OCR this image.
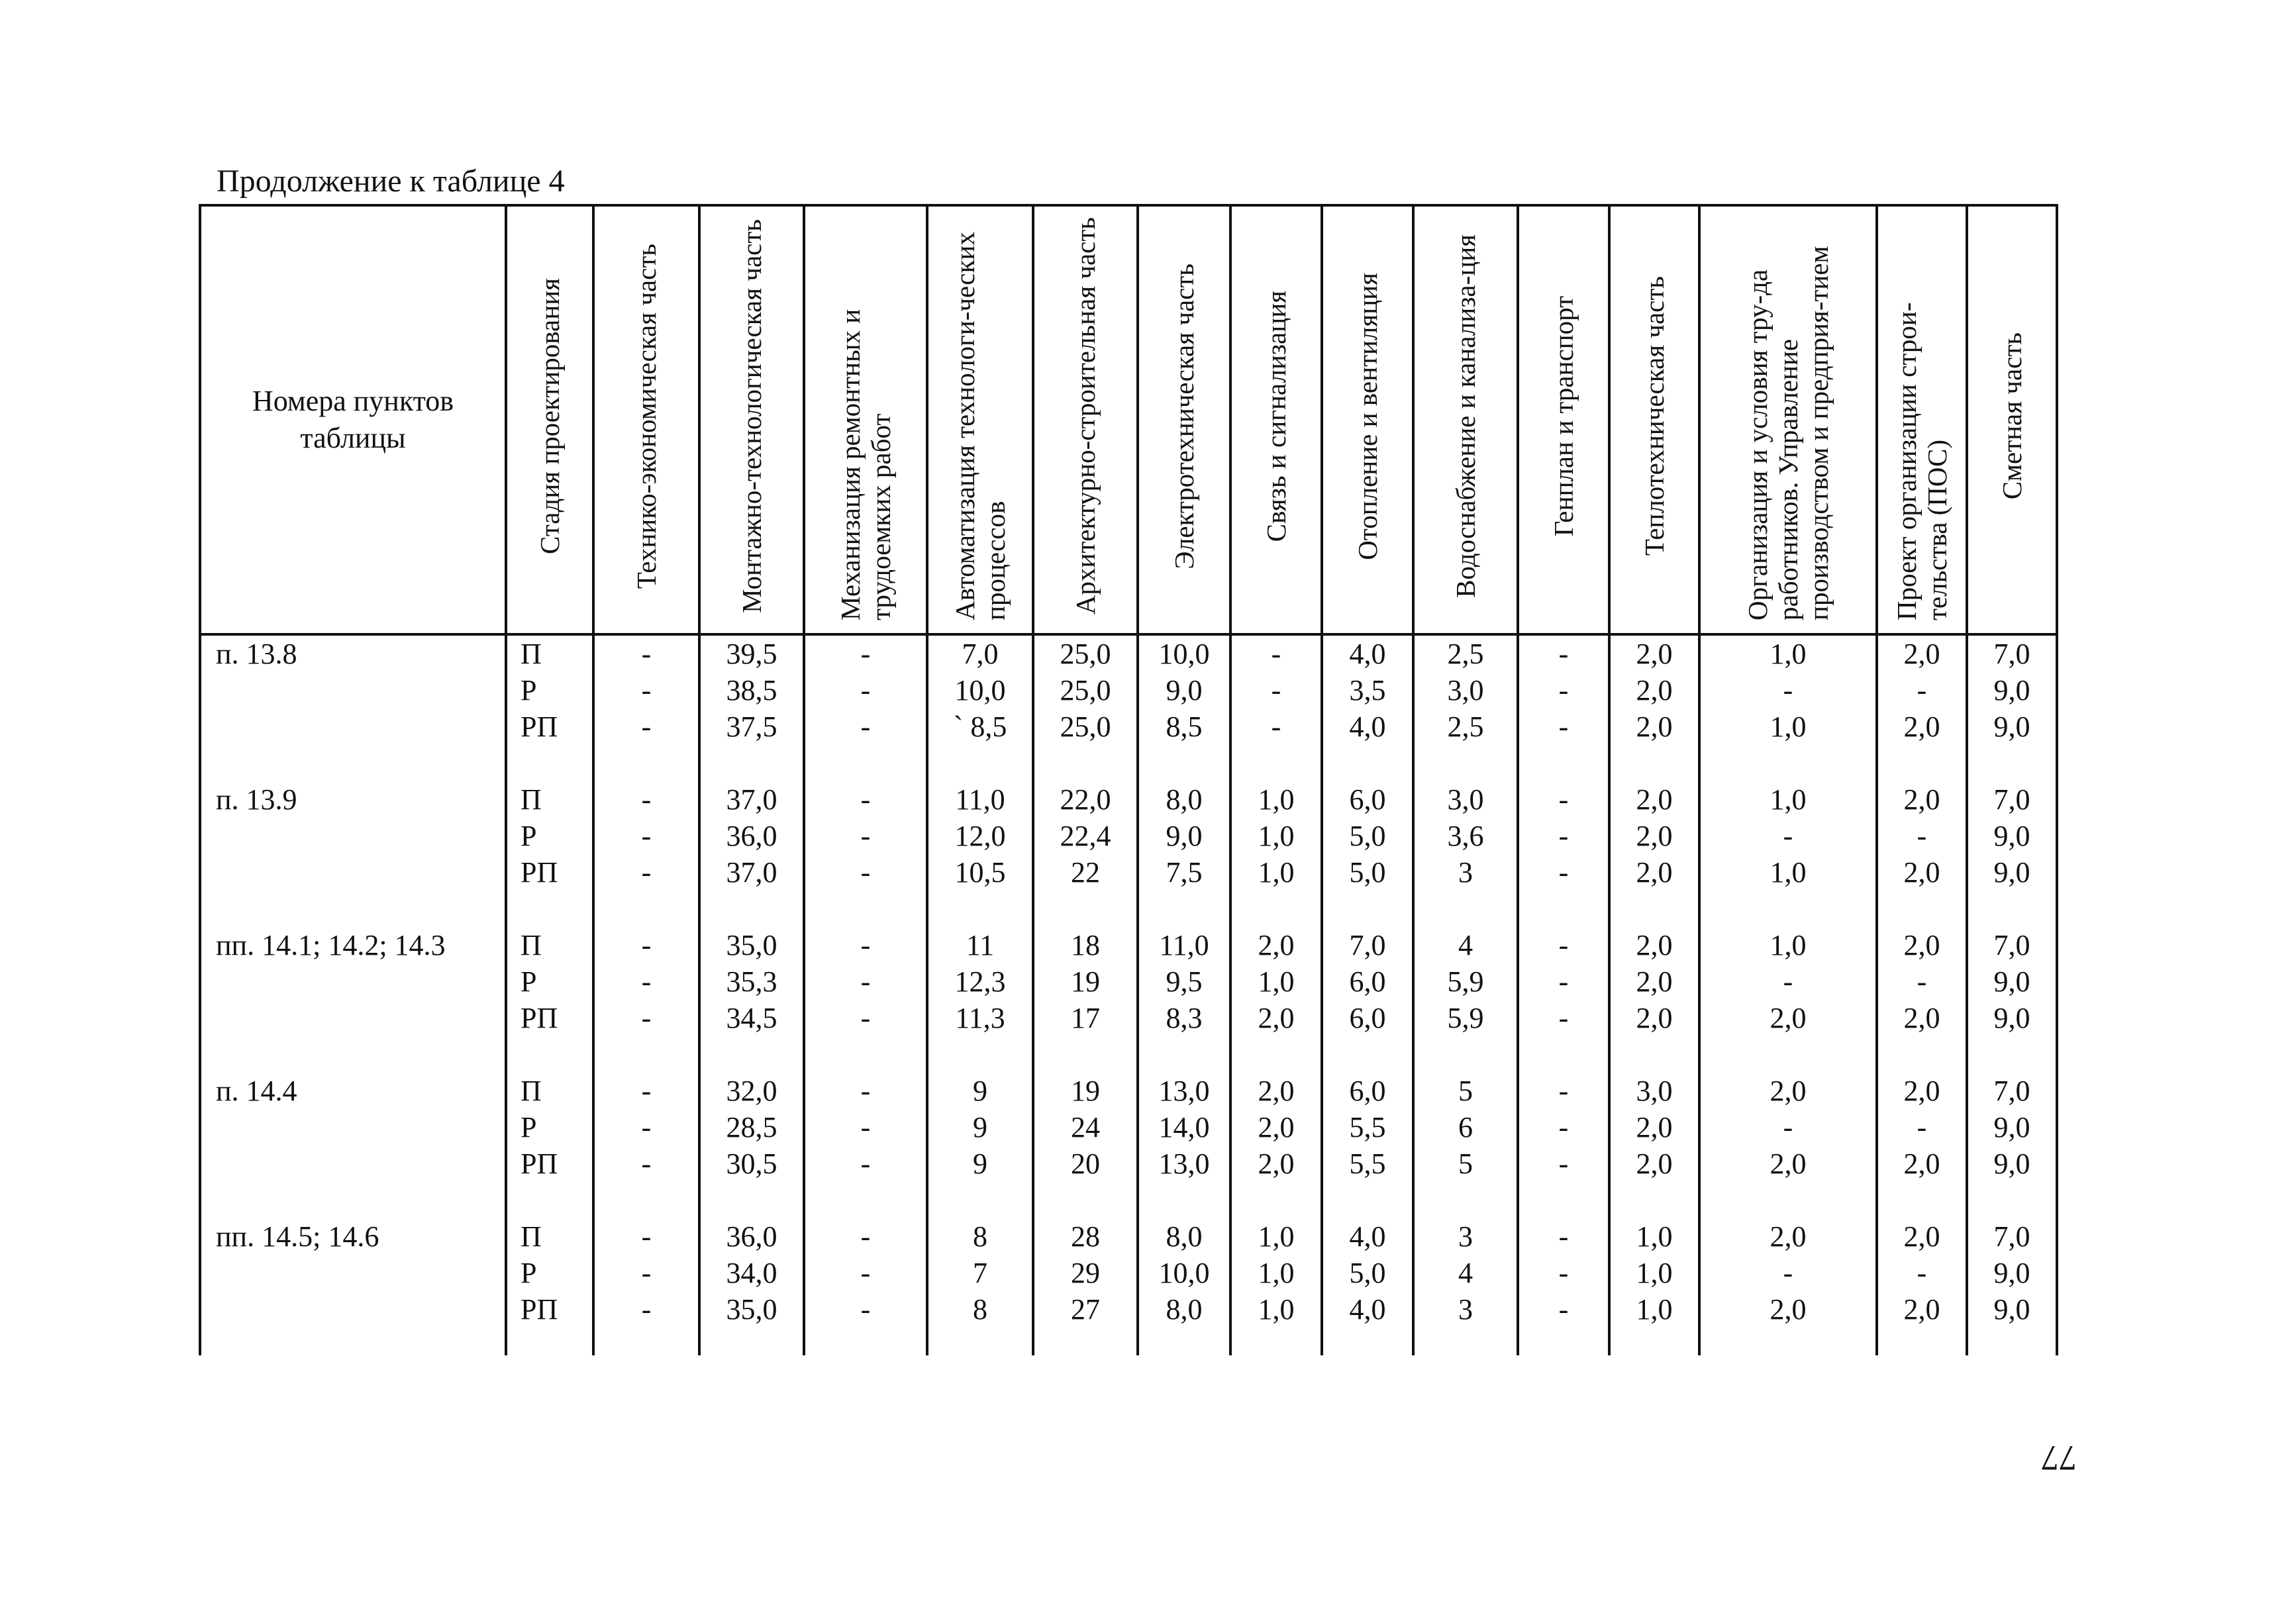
Продолжение к таблице 4
Номера пунктов таблицы	Стадия проектирования	Технико-экономическая часть	Монтажно-технологическая часть	Механизация ремонтных и трудоемких работ	Автоматизация технологи-ческих процессов	Архитектурно-строительная часть	Электротехническая часть	Связь и сигнализация	Отопление и вентиляция	Водоснабжение и канализа-ция	Генплан и транспорт	Теплотехническая часть	Организация и условия тру-да работников. Управление производством и предприя-тием	Проект организации строи-тельства (ПОС)	Сметная часть
п. 13.8	П	-	39,5	-	7,0	25,0	10,0	-	4,0	2,5	-	2,0	1,0	2,0	7,0
	Р	-	38,5	-	10,0	25,0	9,0	-	3,5	3,0	-	2,0	-	-	9,0
	РП	-	37,5	-	` 8,5	25,0	8,5	-	4,0	2,5	-	2,0	1,0	2,0	9,0

п. 13.9	П	-	37,0	-	11,0	22,0	8,0	1,0	6,0	3,0	-	2,0	1,0	2,0	7,0
	Р	-	36,0	-	12,0	22,4	9,0	1,0	5,0	3,6	-	2,0	-	-	9,0
	РП	-	37,0	-	10,5	22	7,5	1,0	5,0	3	-	2,0	1,0	2,0	9,0

пп. 14.1; 14.2; 14.3	П	-	35,0	-	11	18	11,0	2,0	7,0	4	-	2,0	1,0	2,0	7,0
	Р	-	35,3	-	12,3	19	9,5	1,0	6,0	5,9	-	2,0	-	-	9,0
	РП	-	34,5	-	11,3	17	8,3	2,0	6,0	5,9	-	2,0	2,0	2,0	9,0

п. 14.4	П	-	32,0	-	9	19	13,0	2,0	6,0	5	-	3,0	2,0	2,0	7,0
	Р	-	28,5	-	9	24	14,0	2,0	5,5	6	-	2,0	-	-	9,0
	РП	-	30,5	-	9	20	13,0	2,0	5,5	5	-	2,0	2,0	2,0	9,0

пп. 14.5; 14.6	П	-	36,0	-	8	28	8,0	1,0	4,0	3	-	1,0	2,0	2,0	7,0
	Р	-	34,0	-	7	29	10,0	1,0	5,0	4	-	1,0	-	-	9,0
	РП	-	35,0	-	8	27	8,0	1,0	4,0	3	-	1,0	2,0	2,0	9,0

77
